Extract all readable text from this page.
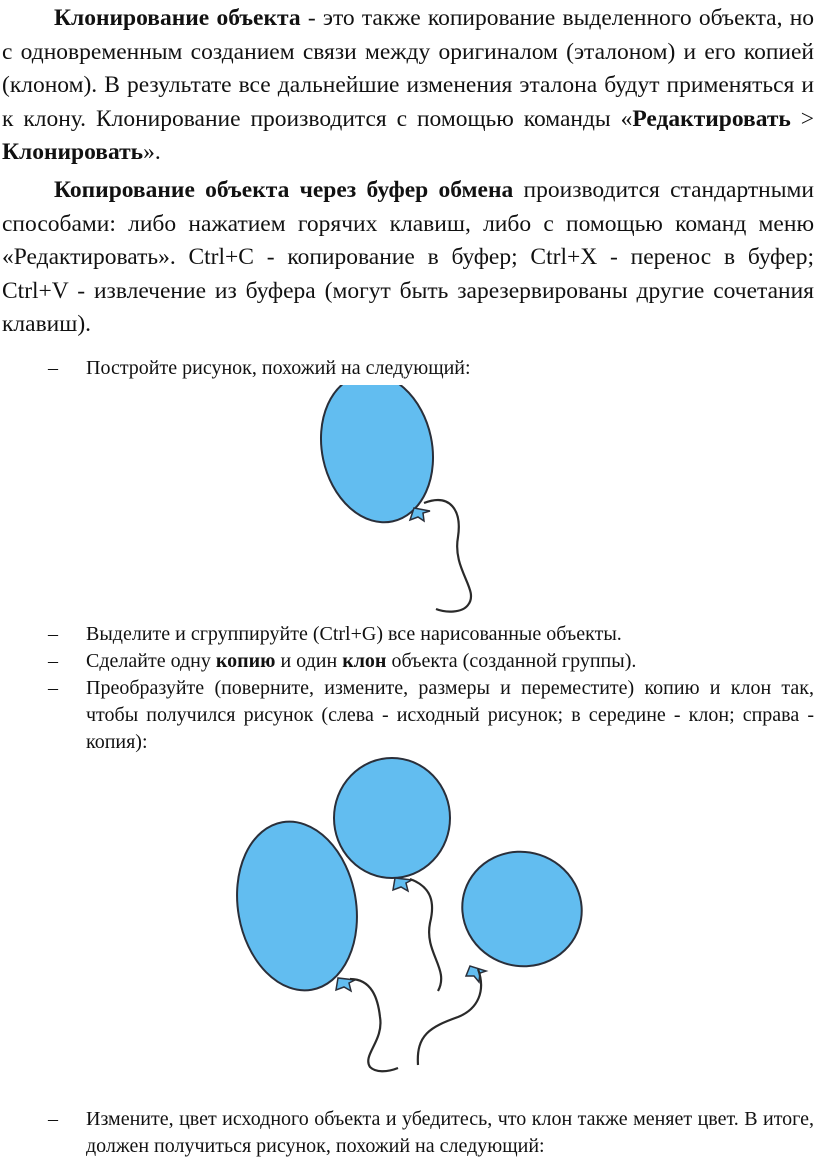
Клонирование объекта - это также копирование выделенного объекта, но с одновременным созданием связи между оригиналом (эталоном) и его копией (клоном). В результате все дальнейшие изменения эталона будут применяться и к клону. Клонирование производится с помощью команды «Редактировать > Клонировать».

Копирование объекта через буфер обмена производится стандартными способами: либо нажатием горячих клавиш, либо с помощью команд меню «Редактировать». Ctrl+C - копирование в буфер; Ctrl+X - перенос в буфер; Ctrl+V - извлечение из буфера (могут быть зарезервированы другие сочетания клавиш).

– Постройте рисунок, похожий на следующий:
– Выделите и сгруппируйте (Ctrl+G) все нарисованные объекты.
– Сделайте одну копию и один клон объекта (созданной группы).
– Преобразуйте (поверните, измените, размеры и переместите) копию и клон так, чтобы получился рисунок (слева - исходный рисунок; в середине - клон; справа - копия):
– Измените, цвет исходного объекта и убедитесь, что клон также меняет цвет. В итоге, должен получиться рисунок, похожий на следующий:
